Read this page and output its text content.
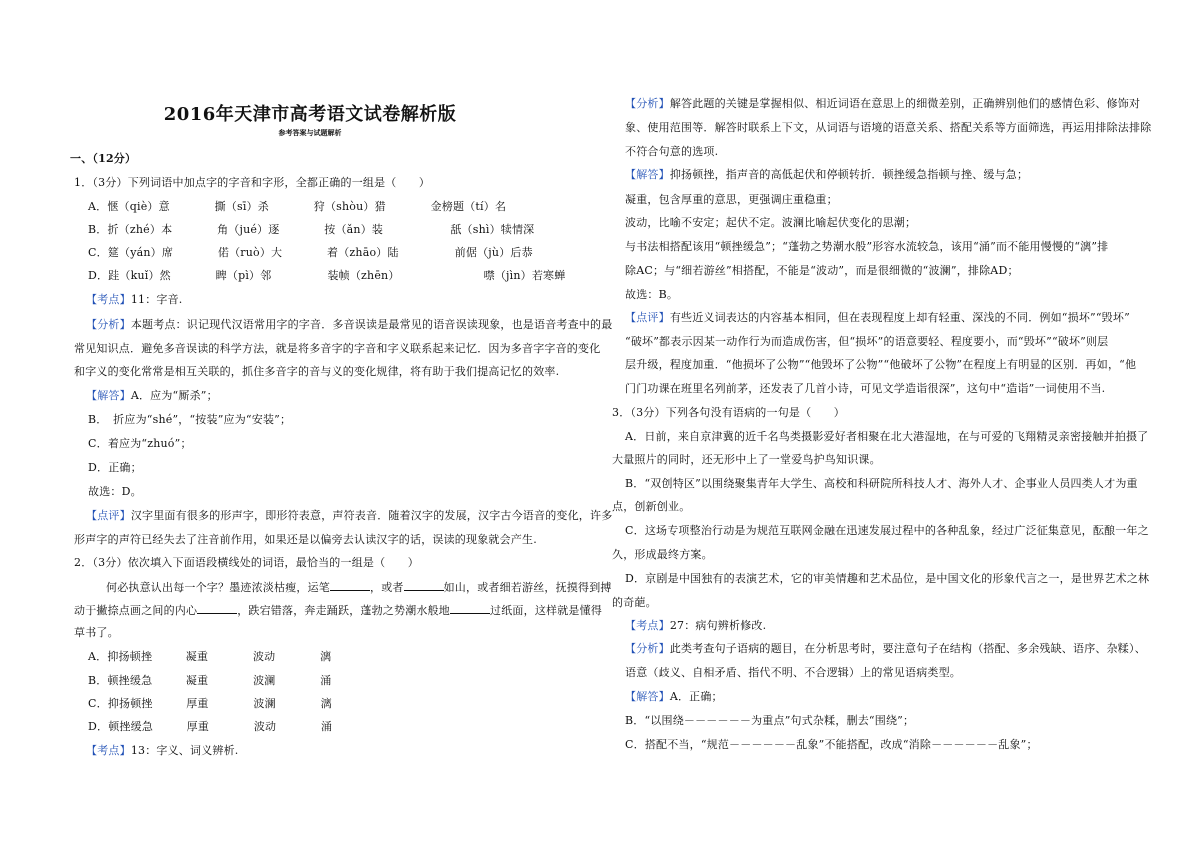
2016年天津市高考语文试卷解析版
参考答案与试题解析
一、（12分）
1．（3分）下列词语中加点字的字音和字形，全都正确的一组是（　　）
A．惬（qiè）意　　　　撕（sī）杀　　　　狩（shòu）猎　　　　金榜题（tí）名
B．折（zhé）本　　　　角（jué）逐　　　　按（ǎn）装　　　　　　舐（shì）犊情深
C．筵（yán）席　　　　偌（ruò）大　　　　着（zhāo）陆　　　　　前倨（jù）后恭
D．跬（kuǐ）然　　　　睥（pì）邻　　　　　装帧（zhēn）　　　　　　　　噤（jìn）若寒蝉
【考点】11：字音.
【分析】本题考点：识记现代汉语常用字的字音．多音误读是最常见的语音误读现象，也是语音考查中的最
常见知识点．避免多音误读的科学方法，就是将多音字的字音和字义联系起来记忆．因为多音字字音的变化
和字义的变化常常是相互关联的，抓住多音字的音与义的变化规律，将有助于我们提高记忆的效率.
【解答】A．应为“厮杀”；
B．　折应为“shé”，“按装”应为“安装”；
C．着应为“zhuó”；
D．正确；
故选：D。
【点评】汉字里面有很多的形声字，即形符表意，声符表音．随着汉字的发展，汉字古今语音的变化，许多
形声字的声符已经失去了注音前作用，如果还是以偏旁去认读汉字的话，误读的现象就会产生.
2．（3分）依次填入下面语段横线处的词语，最恰当的一组是（　　）
何必执意认出每一个字？墨迹浓淡枯瘦，运笔	，或者	如山，或者细若游丝，抚摸得到搏
动于撇捺点画之间的内心	，跌宕错落，奔走踊跃，蓬勃之势潮水般地	过纸面，这样就是懂得
草书了。
A．抑扬顿挫　　　凝重　　　　波动　　　　漓
B．顿挫缓急　　　凝重　　　　波澜　　　　涌
C．抑扬顿挫　　　厚重　　　　波澜　　　　漓
D．顿挫缓急　　　厚重　　　　波动　　　　涌
【考点】13：字义、词义辨析.
【分析】解答此题的关键是掌握相似、相近词语在意思上的细微差别，正确辨别他们的感情色彩、修饰对
象、使用范围等．解答时联系上下文，从词语与语境的语意关系、搭配关系等方面筛选，再运用排除法排除
不符合句意的选项.
【解答】抑扬顿挫，指声音的高低起伏和停顿转折．顿挫缓急指顿与挫、缓与急；
凝重，包含厚重的意思，更强调庄重稳重；
波动，比喻不安定；起伏不定。波澜比喻起伏变化的思潮；
与书法相搭配该用“顿挫缓急”；“蓬勃之势潮水般”形容水流较急，该用“涌”而不能用慢慢的“漓”排
除AC；与“细若游丝”相搭配，不能是“波动”，而是很细微的“波澜”，排除AD；
故选：B。
【点评】有些近义词表达的内容基本相同，但在表现程度上却有轻重、深浅的不同．例如“损坏”“毁坏”
“破坏”都表示因某一动作行为而造成伤害，但“损坏”的语意要轻、程度要小，而“毁坏”“破坏”则层
层升级，程度加重．“他损坏了公物”“他毁坏了公物”“他破坏了公物”在程度上有明显的区别．再如，“他
门门功课在班里名列前茅，还发表了几首小诗，可见文学造诣很深”，这句中“造诣”一词使用不当.
3．（3分）下列各句没有语病的一句是（　　）
A．日前，来自京津冀的近千名鸟类摄影爱好者相聚在北大港湿地，在与可爱的飞翔精灵亲密接触并拍摄了
大量照片的同时，还无形中上了一堂爱鸟护鸟知识课。
B．“双创特区”以围绕聚集青年大学生、高校和科研院所科技人才、海外人才、企事业人员四类人才为重
点，创新创业。
C．这场专项整治行动是为规范互联网金融在迅速发展过程中的各种乱象，经过广泛征集意见，酝酿一年之
久，形成最终方案。
D．京剧是中国独有的表演艺术，它的审美情趣和艺术品位，是中国文化的形象代言之一，是世界艺术之林
的奇葩。
【考点】27：病句辨析修改.
【分析】此类考查句子语病的题目，在分析思考时，要注意句子在结构（搭配、多余残缺、语序、杂糅）、
语意（歧义、自相矛盾、指代不明、不合逻辑）上的常见语病类型。
【解答】A．正确；
B．“以围绕－－－－－－为重点”句式杂糅，删去“围绕”；
C．搭配不当，“规范－－－－－－乱象”不能搭配，改成“消除－－－－－－乱象”；
